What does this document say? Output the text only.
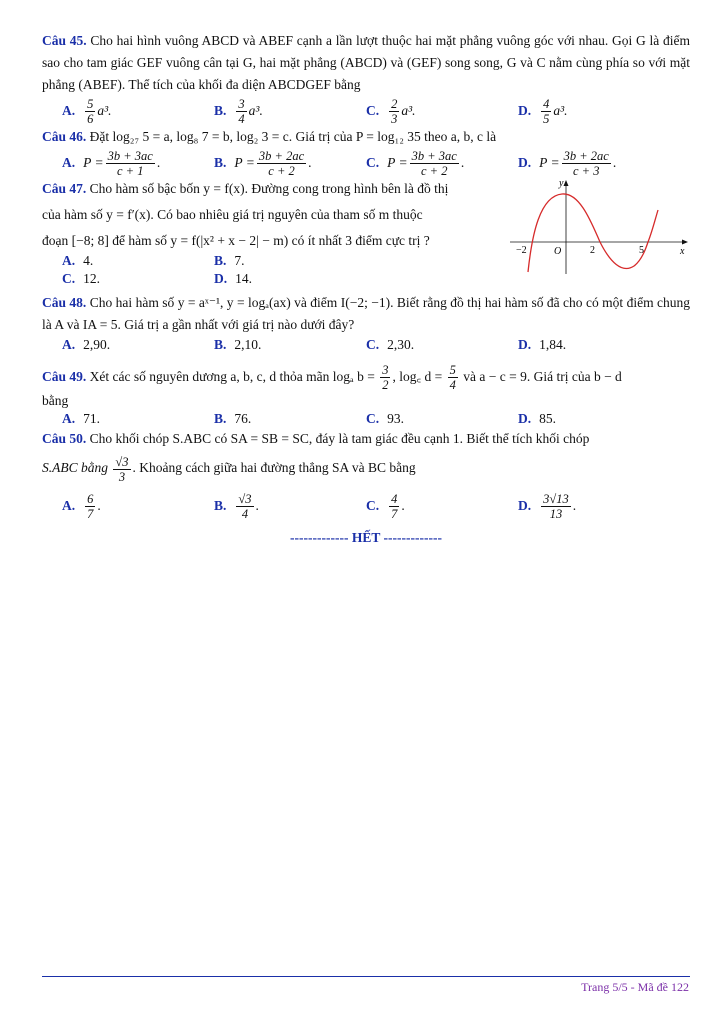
Câu 45. Cho hai hình vuông ABCD và ABEF cạnh a lần lượt thuộc hai mặt phẳng vuông góc với nhau. Gọi G là điểm sao cho tam giác GEF vuông cân tại G, hai mặt phẳng (ABCD) và (GEF) song song, G và C nằm cùng phía so với mặt phẳng (ABEF). Thể tích của khối đa diện ABCDGEF bằng

A. $\frac{5}{6} a^3$.	B. $\frac{3}{4} a^3$.	C. $\frac{2}{3} a^3$.	D. $\frac{4}{5} a^3$.

Câu 46. Đặt log₂₇ 5 = a, log₈ 7 = b, log₂ 3 = c. Giá trị của P = log₁₂ 35 theo a, b, c là

A. $P = \frac{3b + 3ac}{c + 1}$ .	B. $P = \frac{3b + 2ac}{c + 2}$ .	C. $P = \frac{3b + 3ac}{c + 2}$ .	D. $P = \frac{3b + 2ac}{c + 3}$ .

Câu 47. Cho hàm số bậc bốn y = f(x). Đường cong trong hình bên là đồ thị

của hàm số y = f′(x). Có bao nhiêu giá trị nguyên của tham số m thuộc

đoạn [−8; 8] để hàm số y = f(|x² + x − 2| − m) có ít nhất 3 điểm cực trị ?

A. 4.	B. 7.
C. 12.	D. 14.
y
x
O
−2	2	5

Câu 48. Cho hai hàm số y = aˣ⁻¹, y = logₐ(ax) và điểm I(−2; −1). Biết rằng đồ thị hai hàm số đã cho có một điểm chung là A và IA = 5. Giá trị a gần nhất với giá trị nào dưới đây?

A. 2,90.	B. 2,10.	C. 2,30.	D. 1,84.

Câu 49. Xét các số nguyên dương a, b, c, d thỏa mãn logₐ $b = \frac{3}{2}$ , log꜀ $d = \frac{5}{4}$ và a − c = 9. Giá trị của b − d

bằng

A. 71.	B. 76.	C. 93.	D. 85.

Câu 50. Cho khối chóp S.ABC có SA = SB = SC, đáy là tam giác đều cạnh 1. Biết thể tích khối chóp

S.ABC bằng $\frac{√3}{3}$ . Khoảng cách giữa hai đường thẳng SA và BC bằng

A. $\frac{6}{7}$ .	B. $\frac{√3}{4}$ .	C. $\frac{4}{7}$ .	D. $\frac{3√13}{13}$ .
------------- HẾT -------------
Trang 5/5 - Mã đề 122
